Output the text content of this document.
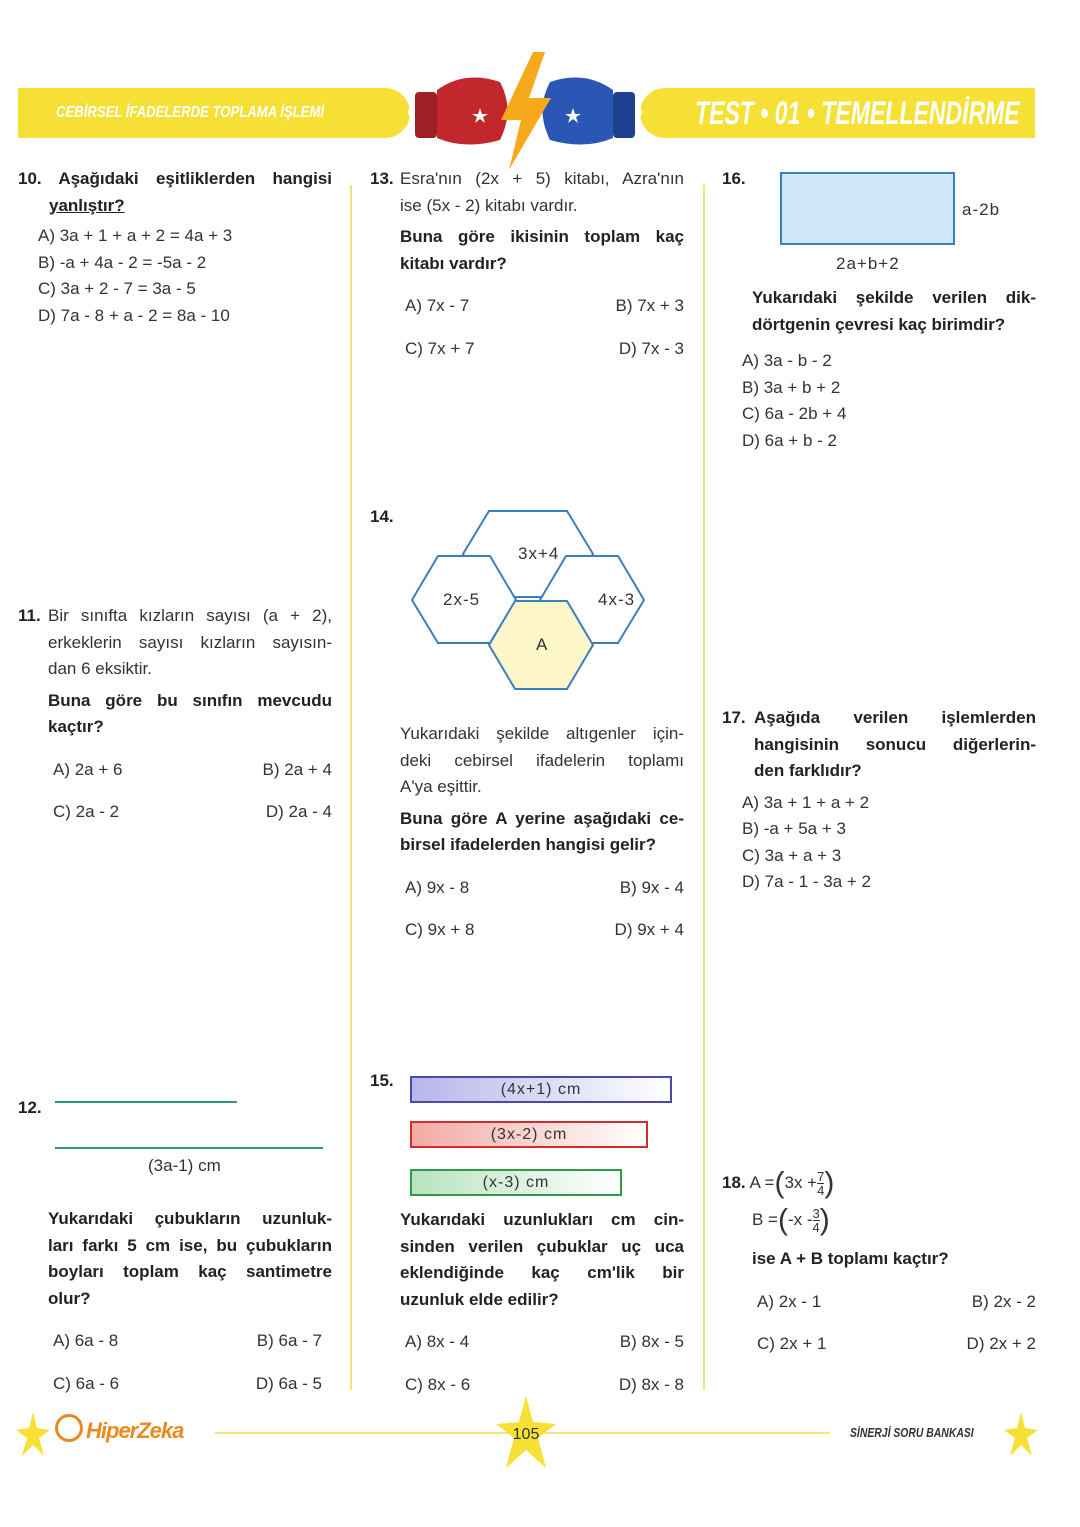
CEBİRSEL İFADELERDE TOPLAMA İŞLEMİ	TEST • 01 • TEMELLENDİRME
10. Aşağıdaki eşitliklerden hangisi
yanlıştır?
A) 3a + 1 + a + 2 = 4a + 3
B) -a + 4a - 2 = -5a - 2
C) 3a + 2 - 7 = 3a - 5
D) 7a - 8 + a - 2 = 8a - 10
11. Bir sınıfta kızların sayısı (a + 2),
erkeklerin sayısı kızların sayısın-
dan 6 eksiktir.
Buna göre bu sınıfın mevcudu
kaçtır?
A) 2a + 6	B) 2a + 4
C) 2a - 2	D) 2a - 4
12.
(3a-1) cm
Yukarıdaki çubukların uzunluk-
ları farkı 5 cm ise, bu çubukların
boyları toplam kaç santimetre
olur?
A) 6a - 8	B) 6a - 7
C) 6a - 6	D) 6a - 5
13. Esra'nın (2x + 5) kitabı, Azra'nın
ise (5x - 2) kitabı vardır.
Buna göre ikisinin toplam kaç
kitabı vardır?
A) 7x - 7	B) 7x + 3
C) 7x + 7	D) 7x - 3
14.
3x+4
2x-5	4x-3
A
Yukarıdaki şekilde altıgenler için-
deki cebirsel ifadelerin toplamı
A'ya eşittir.
Buna göre A yerine aşağıdaki ce-
birsel ifadelerden hangisi gelir?
A) 9x - 8	B) 9x - 4
C) 9x + 8	D) 9x + 4
15.	(4x+1) cm
(3x-2) cm
(x-3) cm
Yukarıdaki uzunlukları cm cin-
sinden verilen çubuklar uç uca
eklendiğinde kaç cm'lik bir
uzunluk elde edilir?
A) 8x - 4	B) 8x - 5
C) 8x - 6	D) 8x - 8
16.
a-2b
2a+b+2
Yukarıdaki şekilde verilen dik-
dörtgenin çevresi kaç birimdir?
A) 3a - b - 2
B) 3a + b + 2
C) 6a - 2b + 4
D) 6a + b - 2
17. Aşağıda verilen işlemlerden
hangisinin sonucu diğerlerin-
den farklıdır?
A) 3a + 1 + a + 2
B) -a + 5a + 3
C) 3a + a + 3
D) 7a - 1 - 3a + 2
18. $A =(3x + \frac{7}{4}$ )
$B =(-x - \frac{3}{4}$ )
ise A + B toplamı kaçtır?
A) 2x - 1	B) 2x - 2
C) 2x + 1	D) 2x + 2
HiperZeka	105	SİNERJİ SORU BANKASI
